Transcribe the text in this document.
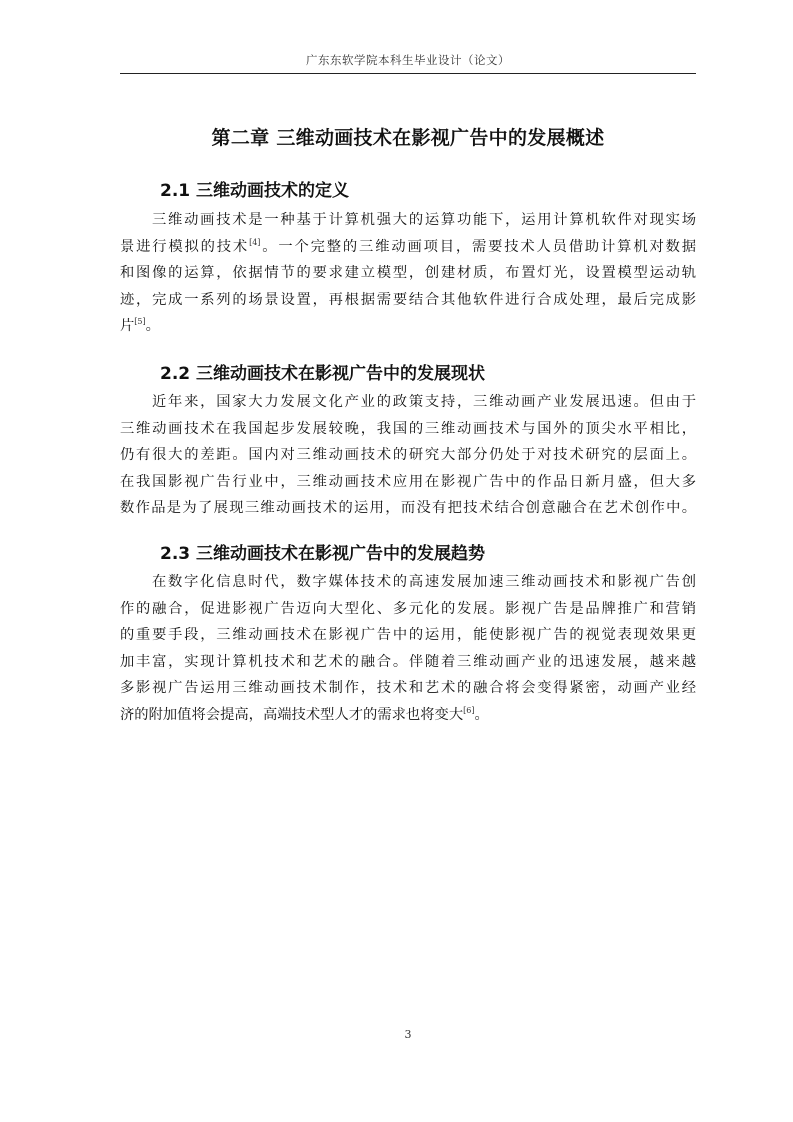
广东东软学院本科生毕业设计（论文）
第二章 三维动画技术在影视广告中的发展概述
2.1 三维动画技术的定义
三维动画技术是一种基于计算机强大的运算功能下，运用计算机软件对现实场
景进行模拟的技术[4]。一个完整的三维动画项目，需要技术人员借助计算机对数据
和图像的运算，依据情节的要求建立模型，创建材质，布置灯光，设置模型运动轨
迹，完成一系列的场景设置，再根据需要结合其他软件进行合成处理，最后完成影
片[5]。
2.2 三维动画技术在影视广告中的发展现状
近年来，国家大力发展文化产业的政策支持，三维动画产业发展迅速。但由于
三维动画技术在我国起步发展较晚，我国的三维动画技术与国外的顶尖水平相比，
仍有很大的差距。国内对三维动画技术的研究大部分仍处于对技术研究的层面上。
在我国影视广告行业中，三维动画技术应用在影视广告中的作品日新月盛，但大多
数作品是为了展现三维动画技术的运用，而没有把技术结合创意融合在艺术创作中。
2.3 三维动画技术在影视广告中的发展趋势
在数字化信息时代，数字媒体技术的高速发展加速三维动画技术和影视广告创
作的融合，促进影视广告迈向大型化、多元化的发展。影视广告是品牌推广和营销
的重要手段，三维动画技术在影视广告中的运用，能使影视广告的视觉表现效果更
加丰富，实现计算机技术和艺术的融合。伴随着三维动画产业的迅速发展，越来越
多影视广告运用三维动画技术制作，技术和艺术的融合将会变得紧密，动画产业经
济的附加值将会提高，高端技术型人才的需求也将变大[6]。
3
